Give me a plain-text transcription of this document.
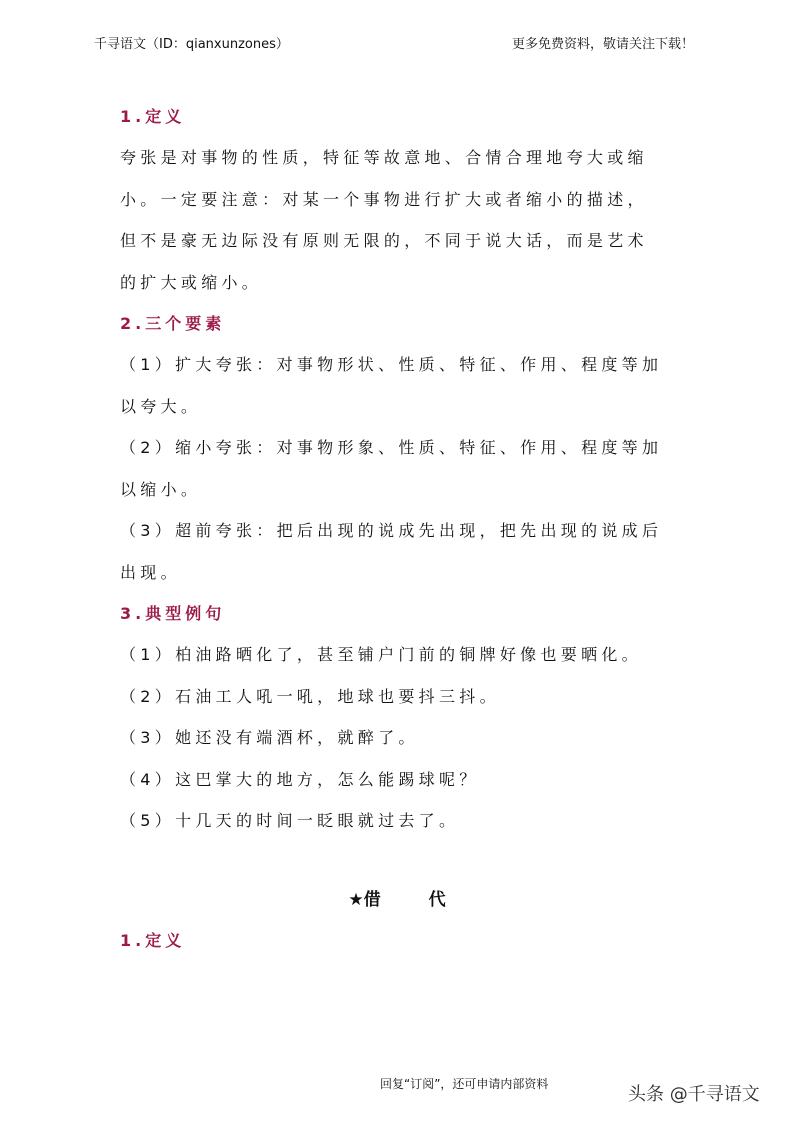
千寻语文（ID：qianxunzones）	更多免费资料，敬请关注下载！
1.定义
夸张是对事物的性质，特征等故意地、合情合理地夸大或缩
小。一定要注意：对某一个事物进行扩大或者缩小的描述，
但不是豪无边际没有原则无限的，不同于说大话，而是艺术
的扩大或缩小。
2.三个要素
（1）扩大夸张：对事物形状、性质、特征、作用、程度等加
以夸大。
（2）缩小夸张：对事物形象、性质、特征、作用、程度等加
以缩小。
（3）超前夸张：把后出现的说成先出现，把先出现的说成后
出现。
3.典型例句
（1）柏油路晒化了，甚至铺户门前的铜牌好像也要晒化。
（2）石油工人吼一吼，地球也要抖三抖。
（3）她还没有端酒杯，就醉了。
（4）这巴掌大的地方，怎么能踢球呢？
（5）十几天的时间一眨眼就过去了。
★借	代
1.定义
回复“订阅”，还可申请内部资料	头条 @千寻语文
